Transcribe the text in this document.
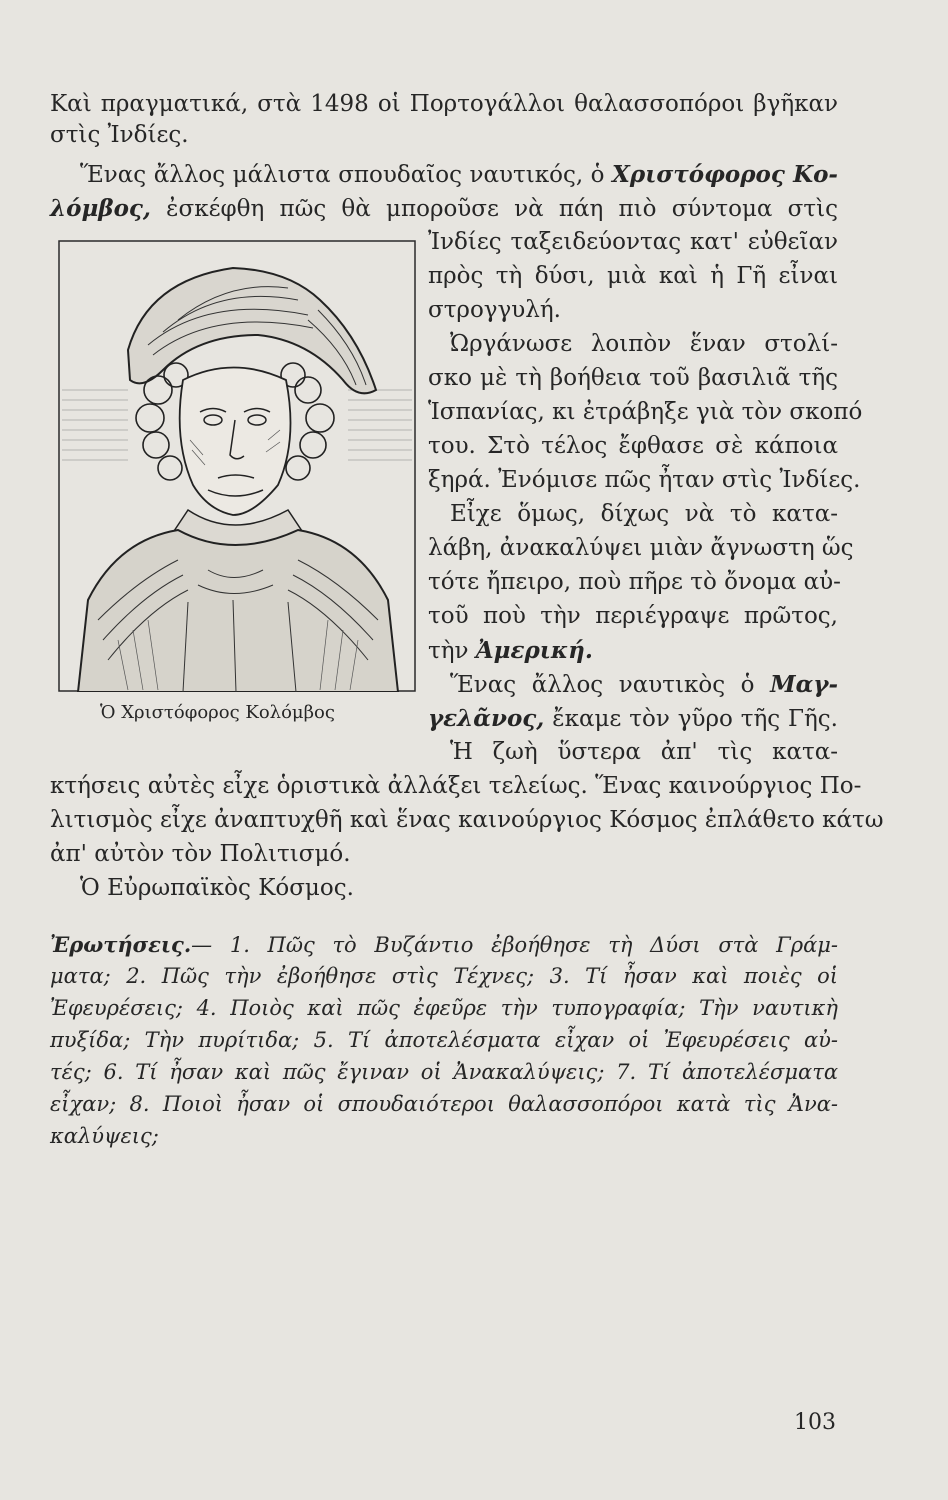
Καὶ πραγματικά, στὰ 1498 οἱ Πορτογάλλοι θαλασσοπόροι βγῆκαν
στὶς Ἰνδίες.
Ἕνας ἄλλος μάλιστα σπουδαῖος ναυτικός, ὁ Χριστόφορος Κο-
λόμβος, ἐσκέφθη πῶς θὰ μποροῦσε νὰ πάη πιὸ σύντομα στὶς
Ἰνδίες ταξειδεύοντας κατ' εὐθεῖαν
πρὸς τὴ δύσι, μιὰ καὶ ἡ Γῆ εἶναι
στρογγυλή.
Ὠργάνωσε λοιπὸν ἕναν στολί-
σκο μὲ τὴ βοήθεια τοῦ βασιλιᾶ τῆς
Ἱσπανίας, κι ἐτράβηξε γιὰ τὸν σκοπό
του. Στὸ τέλος ἔφθασε σὲ κάποια
ξηρά. Ἐνόμισε πῶς ἦταν στὶς Ἰνδίες.
Εἶχε ὅμως, δίχως νὰ τὸ κατα-
λάβη, ἀνακαλύψει μιὰν ἄγνωστη ὥς
τότε ἤπειρο, ποὺ πῆρε τὸ ὄνομα αὐ-
τοῦ ποὺ τὴν περιέγραψε πρῶτος,
τὴν Ἀμερική.
Ἕνας ἄλλος ναυτικὸς ὁ Μαγ-
γελᾶνος, ἔκαμε τὸν γῦρο τῆς Γῆς.
Ἡ ζωὴ ὕστερα ἀπ' τὶς κατα-
Ὁ Χριστόφορος Κολόμβος
κτήσεις αὐτὲς εἶχε ὁριστικὰ ἀλλάξει τελείως. Ἕνας καινούργιος Πο-
λιτισμὸς εἶχε ἀναπτυχθῆ καὶ ἕνας καινούργιος Κόσμος ἐπλάθετο κάτω
ἀπ' αὐτὸν τὸν Πολιτισμό.
Ὁ Εὐρωπαϊκὸς Κόσμος.
Ἐρωτήσεις.— 1. Πῶς τὸ Βυζάντιο ἐβοήθησε τὴ Δύσι στὰ Γράμ-
ματα; 2. Πῶς τὴν ἐβοήθησε στὶς Τέχνες; 3. Τί ἦσαν καὶ ποιὲς οἱ
Ἐφευρέσεις; 4. Ποιὸς καὶ πῶς ἐφεῦρε τὴν τυπογραφία; Τὴν ναυτικὴ
πυξίδα; Τὴν πυρίτιδα; 5. Τί ἀποτελέσματα εἶχαν οἱ Ἐφευρέσεις αὐ-
τές; 6. Τί ἦσαν καὶ πῶς ἔγιναν οἱ Ἀνακαλύψεις; 7. Τί ἀποτελέσματα
εἶχαν; 8. Ποιοὶ ἦσαν οἱ σπουδαιότεροι θαλασσοπόροι κατὰ τὶς Ἀνα-
καλύψεις;
103
